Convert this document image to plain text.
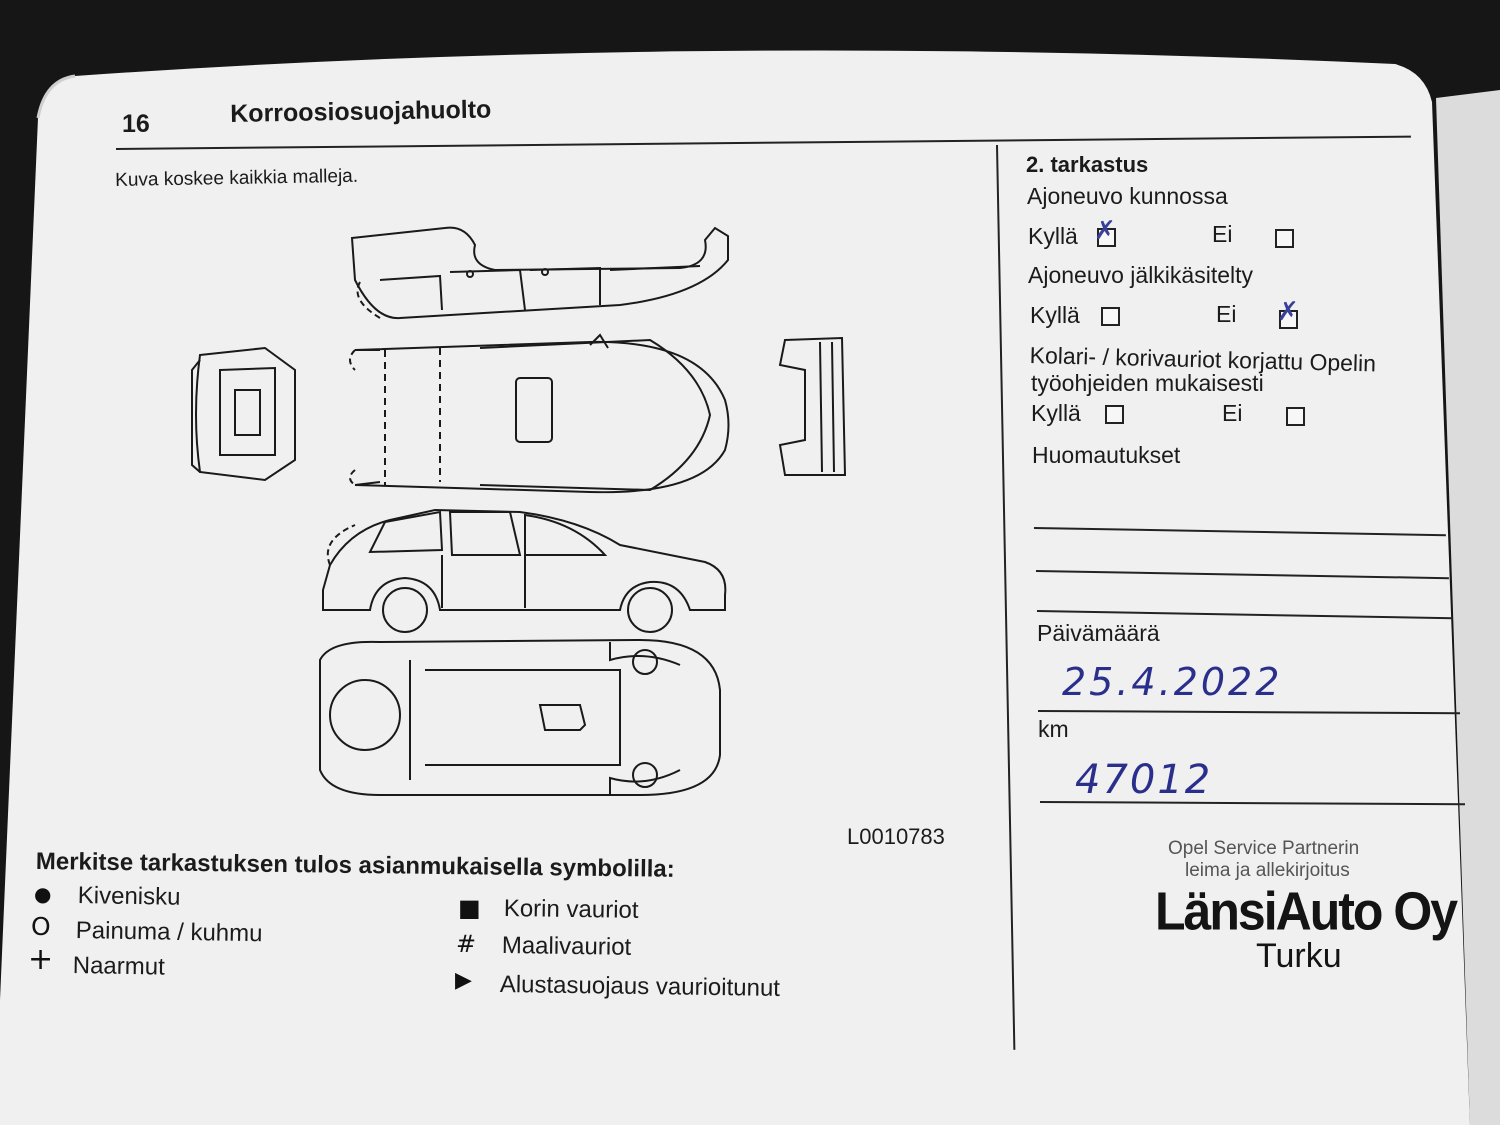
16	Korroosiosuojahuolto
Kuva koskee kaikkia malleja.
L0010783
Merkitse tarkastuksen tulos asianmukaisella symbolilla:
● Kivenisku
O Painuma / kuhmu
+ Naarmut
■ Korin vauriot
# Maalivauriot
▶ Alustasuojaus vaurioitunut
2. tarkastus
Ajoneuvo kunnossa
Kyllä ✗	Ei
Ajoneuvo jälkikäsitelty
Kyllä	Ei ✗
Kolari- / korivauriot korjattu Opelin
työohjeiden mukaisesti
Kyllä	Ei
Huomautukset
Päivämäärä
25.4.2022
km
47012
Opel Service Partnerin
leima ja allekirjoitus
LänsiAuto Oy
Turku
